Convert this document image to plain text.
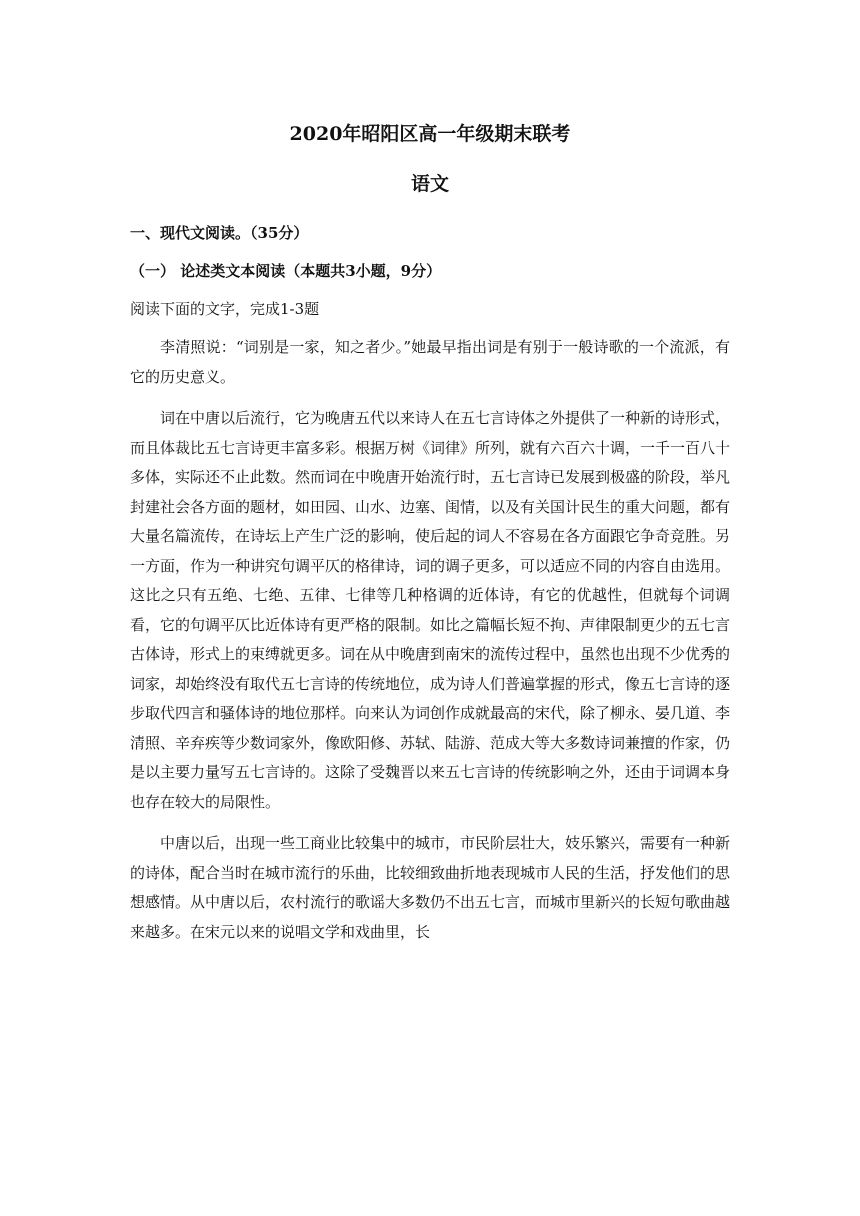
2020年昭阳区高一年级期末联考
语文
一、现代文阅读。（35分）
（一） 论述类文本阅读（本题共3小题，9分）
阅读下面的文字，完成1-3题

李清照说：“词别是一家，知之者少。”她最早指出词是有别于一般诗歌的一个流派，有它的历史意义。

词在中唐以后流行，它为晚唐五代以来诗人在五七言诗体之外提供了一种新的诗形式，而且体裁比五七言诗更丰富多彩。根据万树《词律》所列，就有六百六十调，一千一百八十多体，实际还不止此数。然而词在中晚唐开始流行时，五七言诗已发展到极盛的阶段，举凡封建社会各方面的题材，如田园、山水、边塞、闺情，以及有关国计民生的重大问题，都有大量名篇流传，在诗坛上产生广泛的影响，使后起的词人不容易在各方面跟它争奇竞胜。另一方面，作为一种讲究句调平仄的格律诗，词的调子更多，可以适应不同的内容自由选用。这比之只有五绝、七绝、五律、七律等几种格调的近体诗，有它的优越性，但就每个词调看，它的句调平仄比近体诗有更严格的限制。如比之篇幅长短不拘、声律限制更少的五七言古体诗，形式上的束缚就更多。词在从中晚唐到南宋的流传过程中，虽然也出现不少优秀的词家，却始终没有取代五七言诗的传统地位，成为诗人们普遍掌握的形式，像五七言诗的逐步取代四言和骚体诗的地位那样。向来认为词创作成就最高的宋代，除了柳永、晏几道、李清照、辛弃疾等少数词家外，像欧阳修、苏轼、陆游、范成大等大多数诗词兼擅的作家，仍是以主要力量写五七言诗的。这除了受魏晋以来五七言诗的传统影响之外，还由于词调本身也存在较大的局限性。

中唐以后，出现一些工商业比较集中的城市，市民阶层壮大，妓乐繁兴，需要有一种新的诗体，配合当时在城市流行的乐曲，比较细致曲折地表现城市人民的生活，抒发他们的思想感情。从中唐以后，农村流行的歌谣大多数仍不出五七言，而城市里新兴的长短句歌曲越来越多。在宋元以来的说唱文学和戏曲里，长
